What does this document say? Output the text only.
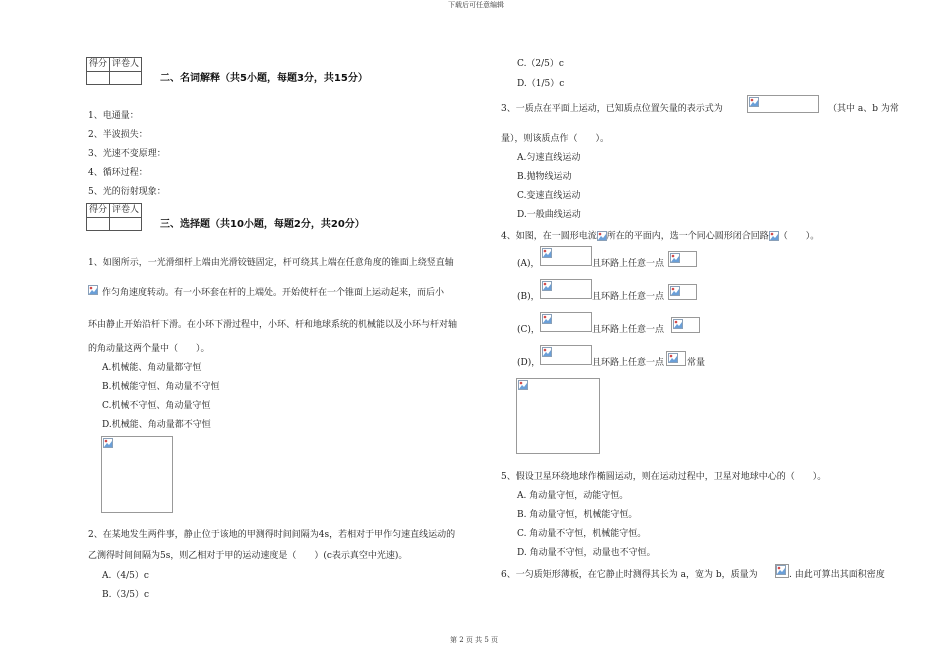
下载后可任意编辑
第 2 页 共 5 页
得分	评卷人

二、名词解释（共5小题，每题3分，共15分）
1、电通量：
2、半波损失：
3、光速不变原理：
4、循环过程：
5、光的衍射现象：
得分	评卷人

三、选择题（共10小题，每题2分，共20分）
1、如图所示，一光滑细杆上端由光滑铰链固定，杆可绕其上端在任意角度的锥面上绕竖直轴
作匀角速度转动。有一小环套在杆的上端处。开始使杆在一个锥面上运动起来，而后小
环由静止开始沿杆下滑。在小环下滑过程中，小环、杆和地球系统的机械能以及小环与杆对轴
的角动量这两个量中（　　）。
A.机械能、角动量都守恒
B.机械能守恒、角动量不守恒
C.机械不守恒、角动量守恒
D.机械能、角动量都不守恒
2、在某地发生两件事，静止位于该地的甲测得时间间隔为4s，若相对于甲作匀速直线运动的
乙测得时间间隔为5s，则乙相对于甲的运动速度是（　　）(c表示真空中光速)。
A.（4/5）c
B.（3/5）c
C.（2/5）c
D.（1/5）c
3、一质点在平面上运动，已知质点位置矢量的表示式为	（其中 a、b 为常
量），则该质点作（　　）。
A.匀速直线运动
B.抛物线运动
C.变速直线运动
D.一般曲线运动
4、如图，在一圆形电流 所在的平面内，选一个同心圆形闭合回路 （　　）。
(A)，	且环路上任意一点
(B)，	且环路上任意一点
(C)，	且环路上任意一点
(D)，	且环路上任意一点	常量
5、假设卫星环绕地球作椭圆运动，则在运动过程中，卫星对地球中心的（　　）。
A. 角动量守恒，动能守恒。
B. 角动量守恒，机械能守恒。
C. 角动量不守恒，机械能守恒。
D. 角动量不守恒，动量也不守恒。
6、一匀质矩形薄板，在它静止时测得其长为 a，宽为 b，质量为	. 由此可算出其面积密度
